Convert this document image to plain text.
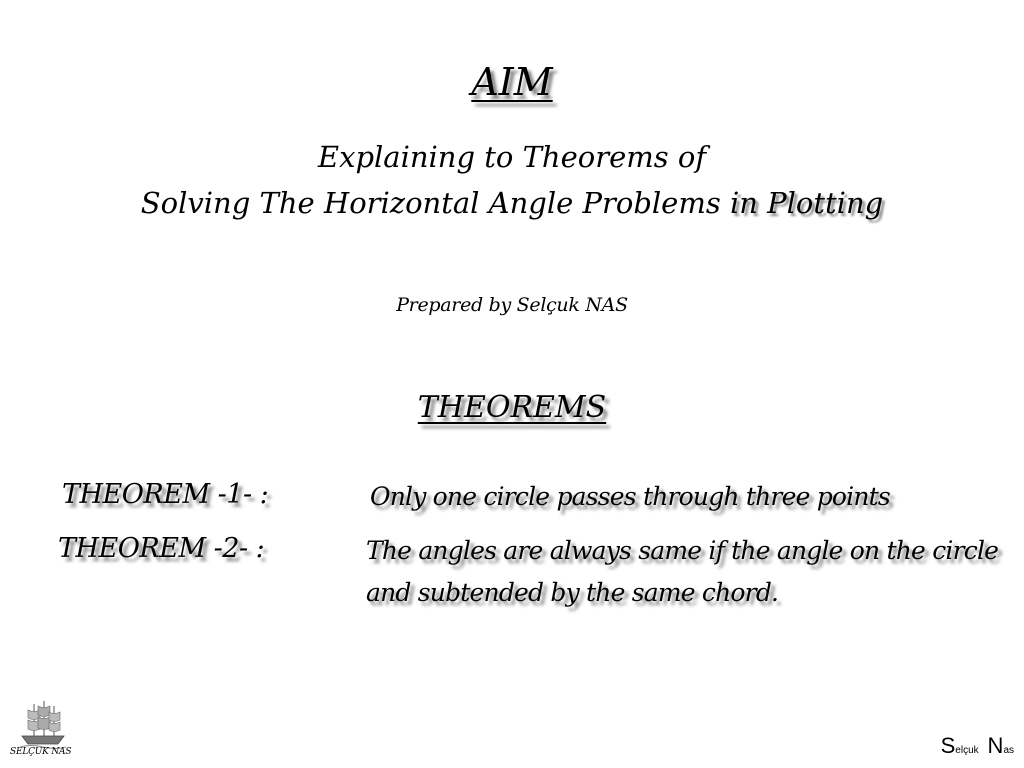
AIM
Explaining to Theorems of
Solving The Horizontal Angle Problems in Plotting
Prepared by Selçuk NAS
THEOREMS
THEOREM -1- :	Only one circle passes through three points
THEOREM -2- :	The angles are always same if the angle on the circle and subtended by the same chord.
SELÇUK NAS	Selçuk Nas
